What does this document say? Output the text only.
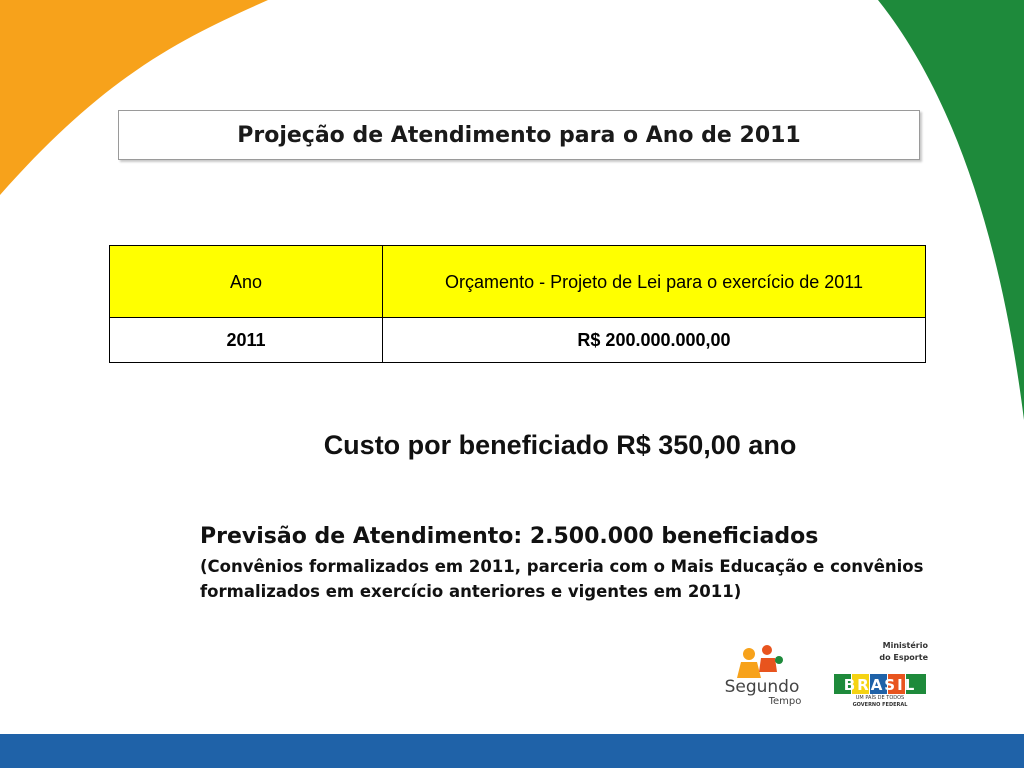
Projeção de Atendimento para o Ano de 2011
Ano	Orçamento - Projeto de Lei para o exercício de 2011
2011	R$ 200.000.000,00
Custo por beneficiado R$ 350,00 ano
Previsão de Atendimento: 2.500.000 beneficiados
(Convênios formalizados em 2011, parceria com o Mais Educação e convênios formalizados em exercício anteriores e vigentes em 2011)
Segundo
Tempo
Ministério
do Esporte
BRASIL
UM PAÍS DE TODOS
GOVERNO FEDERAL
